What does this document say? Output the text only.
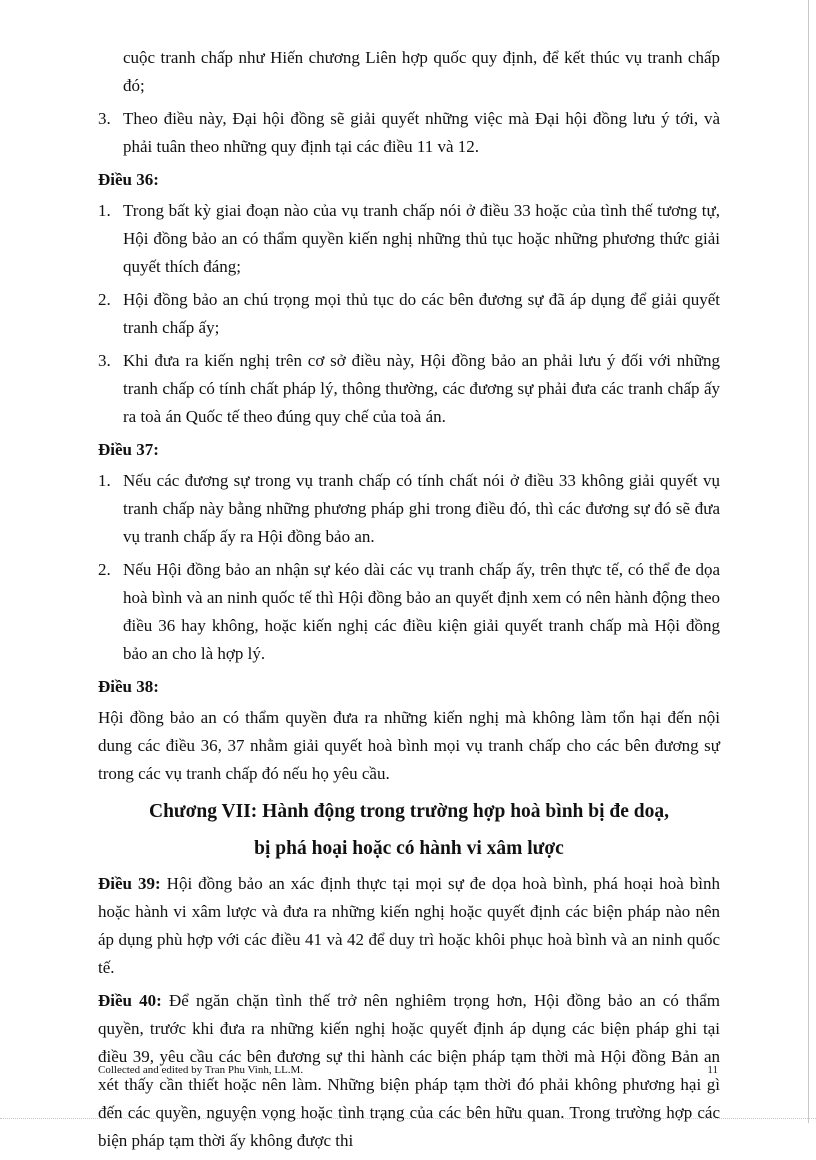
cuộc tranh chấp như Hiến chương Liên hợp quốc quy định, để kết thúc vụ tranh chấp đó;
3. Theo điều này, Đại hội đồng sẽ giải quyết những việc mà Đại hội đồng lưu ý tới, và phải tuân theo những quy định tại các điều 11 và 12.
Điều 36:
1. Trong bất kỳ giai đoạn nào của vụ tranh chấp nói ở điều 33 hoặc của tình thế tương tự, Hội đồng bảo an có thẩm quyền kiến nghị những thủ tục hoặc những phương thức giải quyết thích đáng;
2. Hội đồng bảo an chú trọng mọi thủ tục do các bên đương sự đã áp dụng để giải quyết tranh chấp ấy;
3. Khi đưa ra kiến nghị trên cơ sở điều này, Hội đồng bảo an phải lưu ý đối với những tranh chấp có tính chất pháp lý, thông thường, các đương sự phải đưa các tranh chấp ấy ra toà án Quốc tế theo đúng quy chế của toà án.
Điều 37:
1. Nếu các đương sự trong vụ tranh chấp có tính chất nói ở điều 33 không giải quyết vụ tranh chấp này bằng những phương pháp ghi trong điều đó, thì các đương sự đó sẽ đưa vụ tranh chấp ấy ra Hội đồng bảo an.
2. Nếu Hội đồng bảo an nhận sự kéo dài các vụ tranh chấp ấy, trên thực tế, có thể đe dọa hoà bình và an ninh quốc tế thì Hội đồng bảo an quyết định xem có nên hành động theo điều 36 hay không, hoặc kiến nghị các điều kiện giải quyết tranh chấp mà Hội đồng bảo an cho là hợp lý.
Điều 38:

Hội đồng bảo an có thẩm quyền đưa ra những kiến nghị mà không làm tổn hại đến nội dung các điều 36, 37 nhằm giải quyết hoà bình mọi vụ tranh chấp cho các bên đương sự trong các vụ tranh chấp đó nếu họ yêu cầu.

Chương VII: Hành động trong trường hợp hoà bình bị đe doạ,
bị phá hoại hoặc có hành vi xâm lược

Điều 39: Hội đồng bảo an xác định thực tại mọi sự đe dọa hoà bình, phá hoại hoà bình hoặc hành vi xâm lược và đưa ra những kiến nghị hoặc quyết định các biện pháp nào nên áp dụng phù hợp với các điều 41 và 42 để duy trì hoặc khôi phục hoà bình và an ninh quốc tế.

Điều 40: Để ngăn chặn tình thế trở nên nghiêm trọng hơn, Hội đồng bảo an có thẩm quyền, trước khi đưa ra những kiến nghị hoặc quyết định áp dụng các biện pháp ghi tại điều 39, yêu cầu các bên đương sự thi hành các biện pháp tạm thời mà Hội đồng Bản an xét thấy cần thiết hoặc nên làm. Những biện pháp tạm thời đó phải không phương hại gì đến các quyền, nguyện vọng hoặc tình trạng của các bên hữu quan. Trong trường hợp các biện pháp tạm thời ấy không được thi

Collected and edited by Tran Phu Vinh, LL.M.	11
